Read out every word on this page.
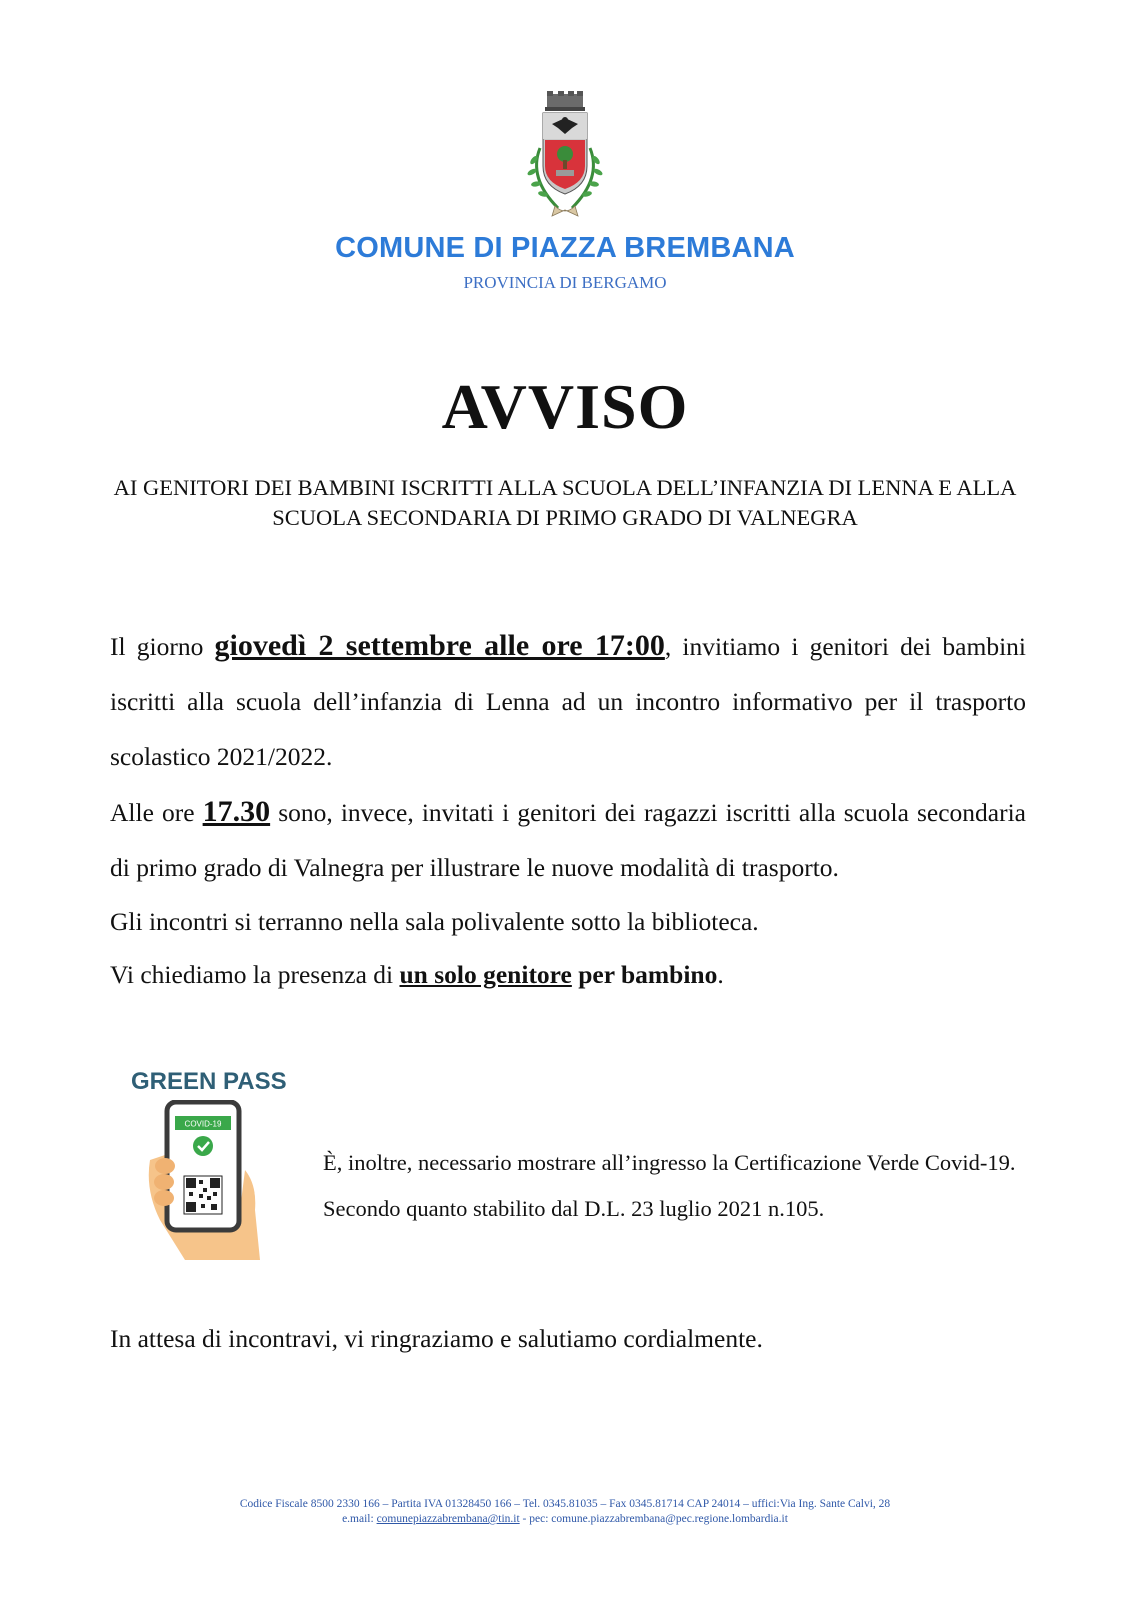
COMUNE DI PIAZZA BREMBANA
PROVINCIA DI BERGAMO
AVVISO
AI GENITORI DEI BAMBINI ISCRITTI ALLA SCUOLA DELL’INFANZIA DI LENNA E ALLA SCUOLA SECONDARIA DI PRIMO GRADO DI VALNEGRA

Il giorno giovedì 2 settembre alle ore 17:00, invitiamo i genitori dei bambini iscritti alla scuola dell’infanzia di Lenna ad un incontro informativo per il trasporto scolastico 2021/2022.

Alle ore 17.30 sono, invece, invitati i genitori dei ragazzi iscritti alla scuola secondaria di primo grado di Valnegra per illustrare le nuove modalità di trasporto.

Gli incontri si terranno nella sala polivalente sotto la biblioteca.

Vi chiediamo la presenza di un solo genitore per bambino.

GREEN PASS
COVID-19
È, inoltre, necessario mostrare all’ingresso la Certificazione Verde Covid-19. Secondo quanto stabilito dal D.L. 23 luglio 2021 n.105.
In attesa di incontravi, vi ringraziamo e salutiamo cordialmente.
Codice Fiscale 8500 2330 166 – Partita IVA 01328450 166 – Tel. 0345.81035 – Fax 0345.81714 CAP 24014 – uffici:Via Ing. Sante Calvi, 28
e.mail: comunepiazzabrembana@tin.it - pec: comune.piazzabrembana@pec.regione.lombardia.it
